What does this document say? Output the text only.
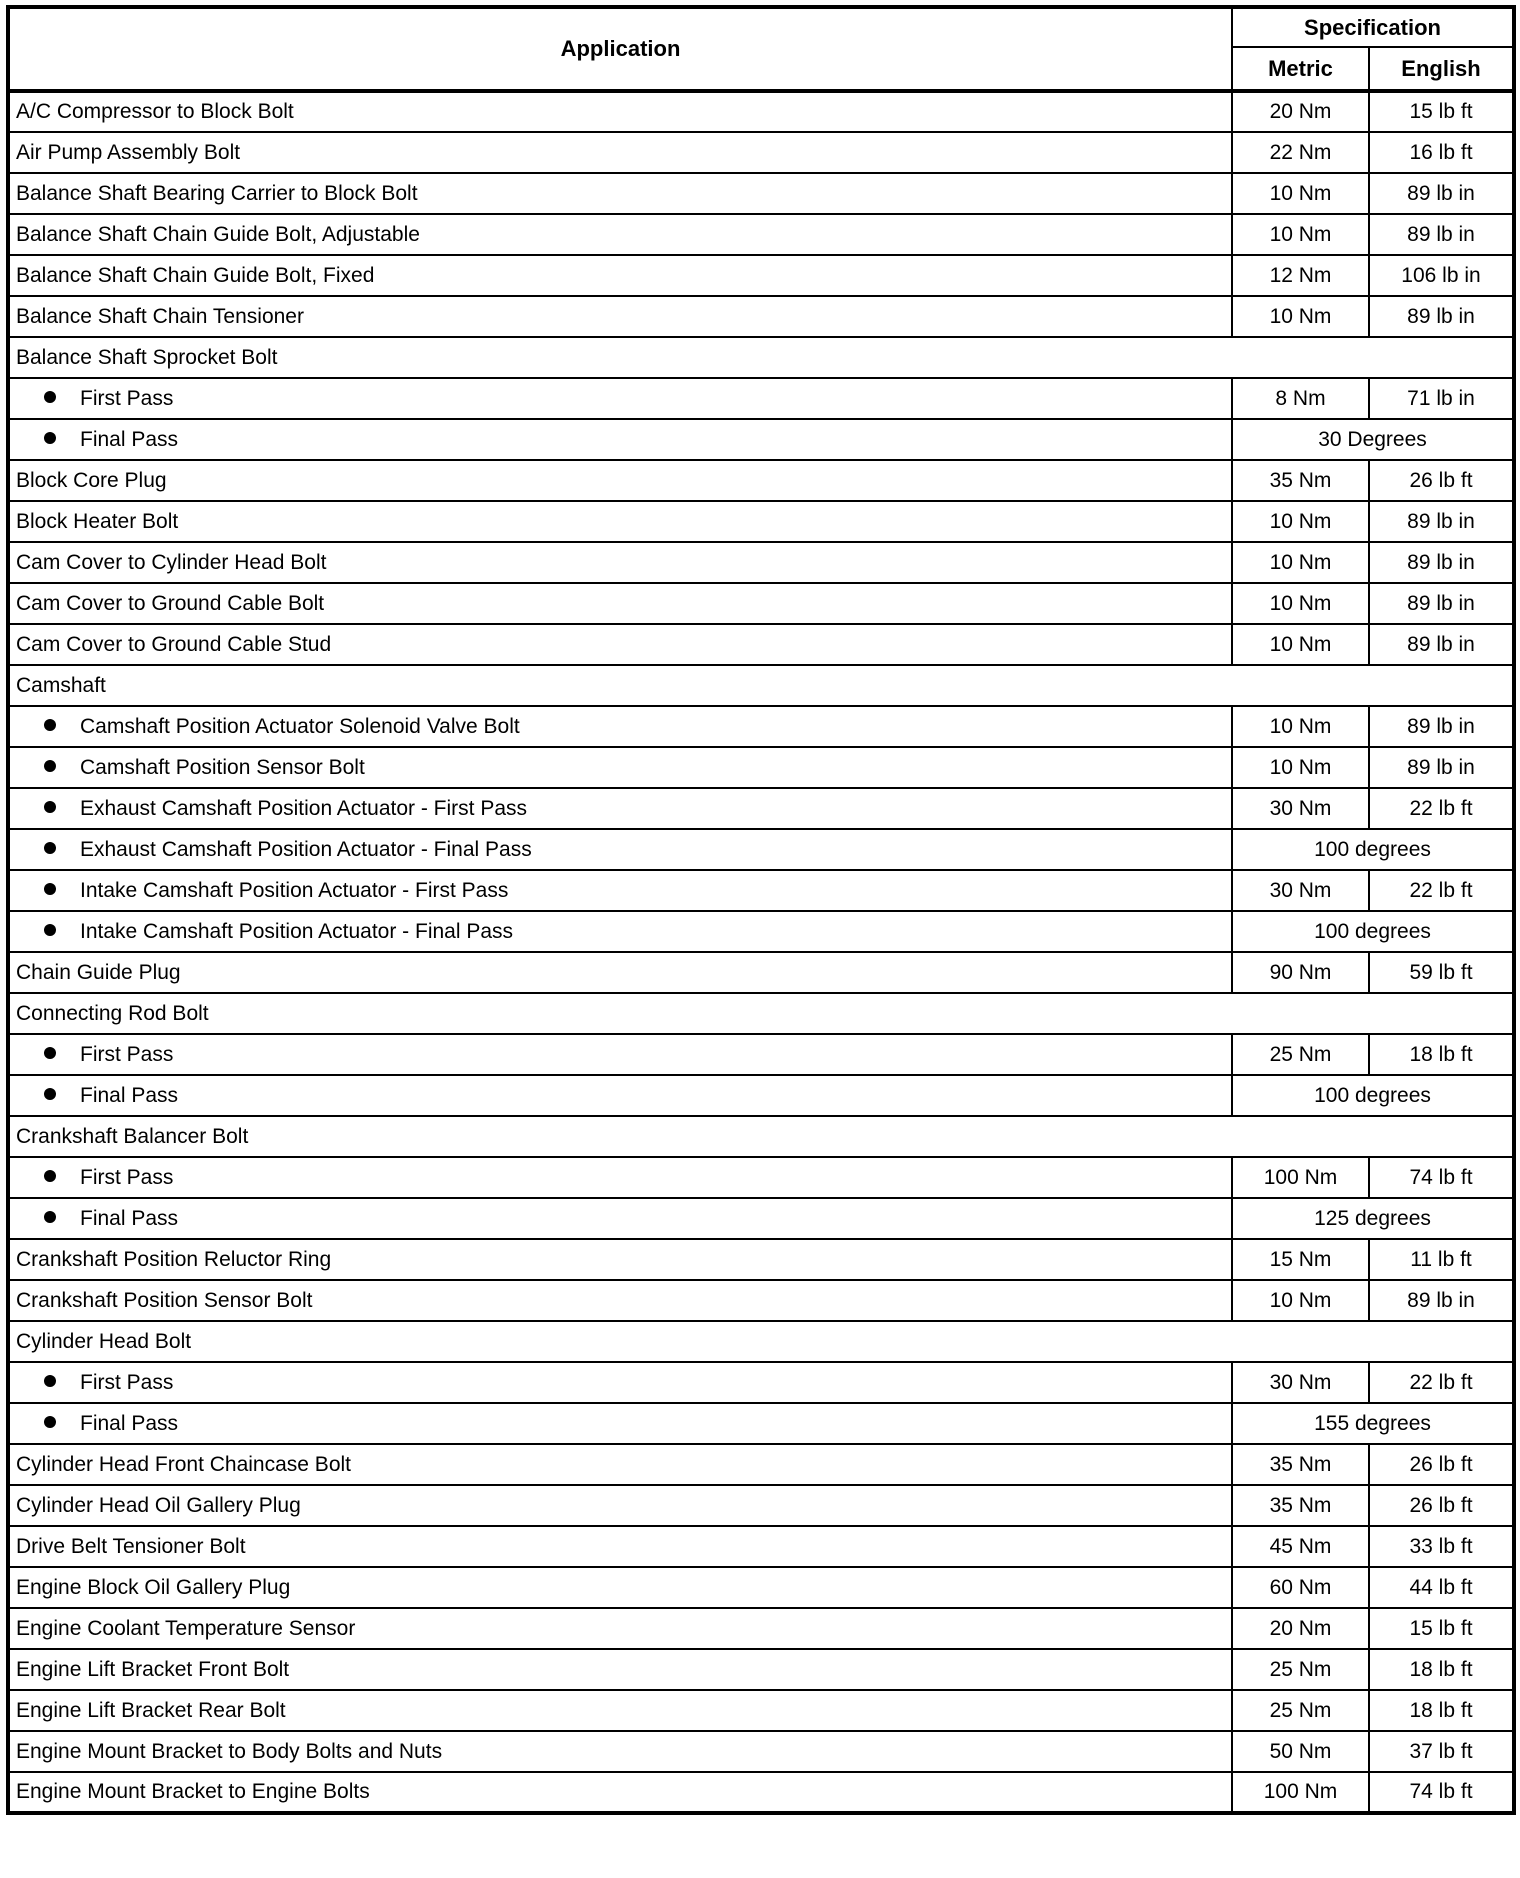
Application	Specification	
	Metric	English
A/C Compressor to Block Bolt	20 Nm	15 lb ft
Air Pump Assembly Bolt	22 Nm	16 lb ft
Balance Shaft Bearing Carrier to Block Bolt	10 Nm	89 lb in
Balance Shaft Chain Guide Bolt, Adjustable	10 Nm	89 lb in
Balance Shaft Chain Guide Bolt, Fixed	12 Nm	106 lb in
Balance Shaft Chain Tensioner	10 Nm	89 lb in
Balance Shaft Sprocket Bolt		
First Pass	8 Nm	71 lb in
Final Pass	30 Degrees	
Block Core Plug	35 Nm	26 lb ft
Block Heater Bolt	10 Nm	89 lb in
Cam Cover to Cylinder Head Bolt	10 Nm	89 lb in
Cam Cover to Ground Cable Bolt	10 Nm	89 lb in
Cam Cover to Ground Cable Stud	10 Nm	89 lb in
Camshaft		
Camshaft Position Actuator Solenoid Valve Bolt	10 Nm	89 lb in
Camshaft Position Sensor Bolt	10 Nm	89 lb in
Exhaust Camshaft Position Actuator - First Pass	30 Nm	22 lb ft
Exhaust Camshaft Position Actuator - Final Pass	100 degrees	
Intake Camshaft Position Actuator - First Pass	30 Nm	22 lb ft
Intake Camshaft Position Actuator - Final Pass	100 degrees	
Chain Guide Plug	90 Nm	59 lb ft
Connecting Rod Bolt		
First Pass	25 Nm	18 lb ft
Final Pass	100 degrees	
Crankshaft Balancer Bolt		
First Pass	100 Nm	74 lb ft
Final Pass	125 degrees	
Crankshaft Position Reluctor Ring	15 Nm	11 lb ft
Crankshaft Position Sensor Bolt	10 Nm	89 lb in
Cylinder Head Bolt		
First Pass	30 Nm	22 lb ft
Final Pass	155 degrees	
Cylinder Head Front Chaincase Bolt	35 Nm	26 lb ft
Cylinder Head Oil Gallery Plug	35 Nm	26 lb ft
Drive Belt Tensioner Bolt	45 Nm	33 lb ft
Engine Block Oil Gallery Plug	60 Nm	44 lb ft
Engine Coolant Temperature Sensor	20 Nm	15 lb ft
Engine Lift Bracket Front Bolt	25 Nm	18 lb ft
Engine Lift Bracket Rear Bolt	25 Nm	18 lb ft
Engine Mount Bracket to Body Bolts and Nuts	50 Nm	37 lb ft
Engine Mount Bracket to Engine Bolts	100 Nm	74 lb ft
